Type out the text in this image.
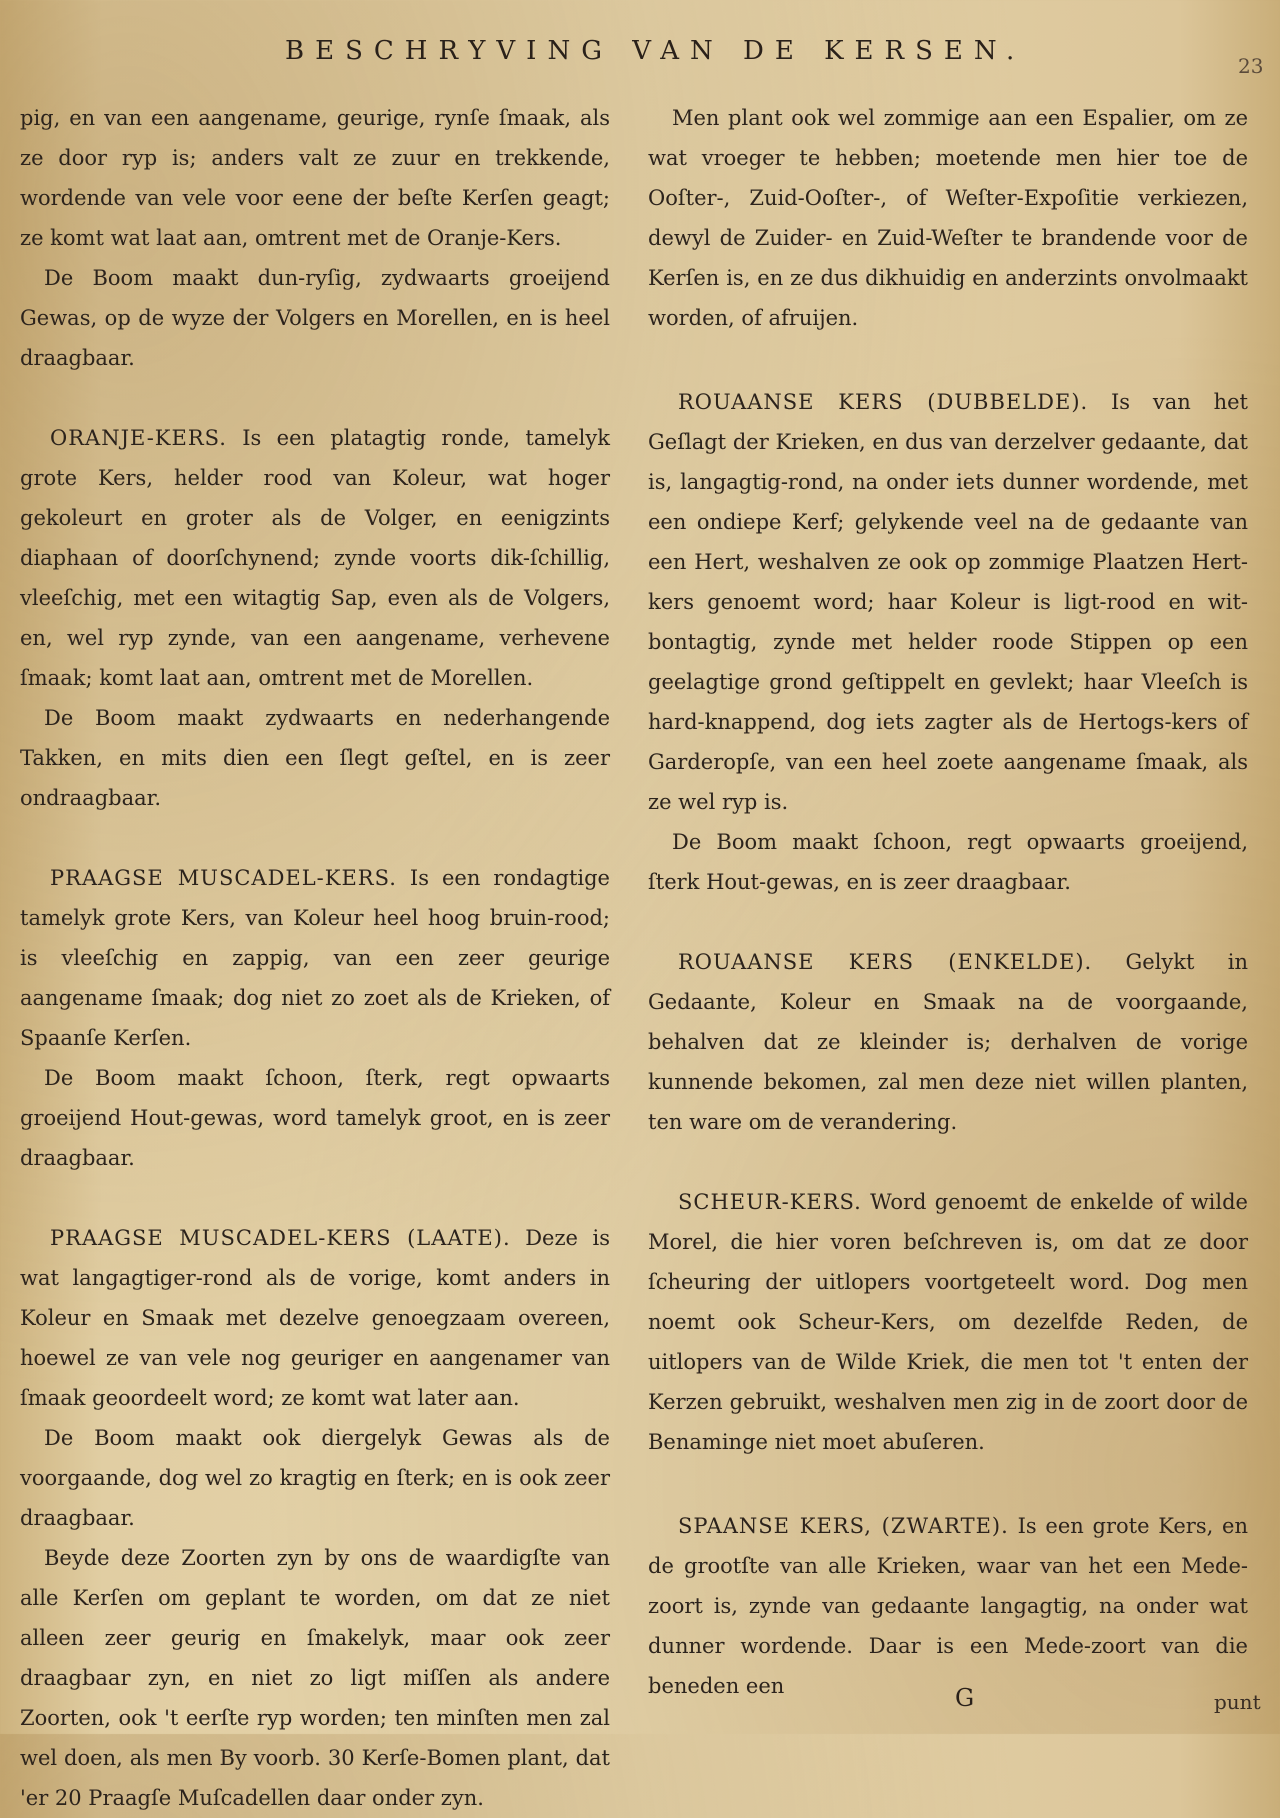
BESCHRYVING VAN DE KERSEN.	23

pig, en van een aangename, geurige, rynſe ſmaak, als ze door ryp is; anders valt ze zuur en trekkende, wordende van vele voor eene der beſte Kerſen geagt; ze komt wat laat aan, omtrent met de Oranje-Kers.

De Boom maakt dun-ryſig, zydwaarts groeijend Gewas, op de wyze der Volgers en Morellen, en is heel draagbaar.

ORANJE-KERS. Is een platagtig ronde, tamelyk grote Kers, helder rood van Koleur, wat hoger gekoleurt en groter als de Volger, en eenigzints diaphaan of doorſchynend; zynde voorts dik-ſchillig, vleeſchig, met een witagtig Sap, even als de Volgers, en, wel ryp zynde, van een aangename, verhevene ſmaak; komt laat aan, omtrent met de Morellen.

De Boom maakt zydwaarts en nederhangende Takken, en mits dien een ſlegt geſtel, en is zeer ondraagbaar.

PRAAGSE MUSCADEL-KERS. Is een rondagtige tamelyk grote Kers, van Koleur heel hoog bruin-rood; is vleeſchig en zappig, van een zeer geurige aangename ſmaak; dog niet zo zoet als de Krieken, of Spaanſe Kerſen.

De Boom maakt ſchoon, ſterk, regt opwaarts groeijend Hout-gewas, word tamelyk groot, en is zeer draagbaar.

PRAAGSE MUSCADEL-KERS (LAATE). Deze is wat langagtiger-rond als de vorige, komt anders in Koleur en Smaak met dezelve genoegzaam overeen, hoewel ze van vele nog geuriger en aangenamer van ſmaak geoordeelt word; ze komt wat later aan.

De Boom maakt ook diergelyk Gewas als de voorgaande, dog wel zo kragtig en ſterk; en is ook zeer draagbaar.

Beyde deze Zoorten zyn by ons de waardigſte van alle Kerſen om geplant te worden, om dat ze niet alleen zeer geurig en ſmakelyk, maar ook zeer draagbaar zyn, en niet zo ligt miſſen als andere Zoorten, ook 't eerſte ryp worden; ten minſten men zal wel doen, als men By voorb. 30 Kerſe-Bomen plant, dat 'er 20 Praagſe Muſcadellen daar onder zyn.

Men plant ook wel zommige aan een Espalier, om ze wat vroeger te hebben; moetende men hier toe de Ooſter-, Zuid-Ooſter-, of Weſter-Expoſitie verkiezen, dewyl de Zuider- en Zuid-Weſter te brandende voor de Kerſen is, en ze dus dikhuidig en anderzints onvolmaakt worden, of afruijen.

ROUAANSE KERS (DUBBELDE). Is van het Geſlagt der Krieken, en dus van derzelver gedaante, dat is, langagtig-rond, na onder iets dunner wordende, met een ondiepe Kerf; gelykende veel na de gedaante van een Hert, weshalven ze ook op zommige Plaatzen Hert-kers genoemt word; haar Koleur is ligt-rood en wit-bontagtig, zynde met helder roode Stippen op een geelagtige grond geſtippelt en gevlekt; haar Vleeſch is hard-knappend, dog iets zagter als de Hertogs-kers of Garderopſe, van een heel zoete aangename ſmaak, als ze wel ryp is.

De Boom maakt ſchoon, regt opwaarts groeijend, ſterk Hout-gewas, en is zeer draagbaar.

ROUAANSE KERS (ENKELDE). Gelykt in Gedaante, Koleur en Smaak na de voorgaande, behalven dat ze kleinder is; derhalven de vorige kunnende bekomen, zal men deze niet willen planten, ten ware om de verandering.

SCHEUR-KERS. Word genoemt de enkelde of wilde Morel, die hier voren beſchreven is, om dat ze door ſcheuring der uitlopers voortgeteelt word. Dog men noemt ook Scheur-Kers, om dezelfde Reden, de uitlopers van de Wilde Kriek, die men tot 't enten der Kerzen gebruikt, weshalven men zig in de zoort door de Benaminge niet moet abuſeren.

SPAANSE KERS, (ZWARTE). Is een grote Kers, en de grootſte van alle Krieken, waar van het een Mede-zoort is, zynde van gedaante langagtig, na onder wat dunner wordende. Daar is een Mede-zoort van die beneden een	G	punt
